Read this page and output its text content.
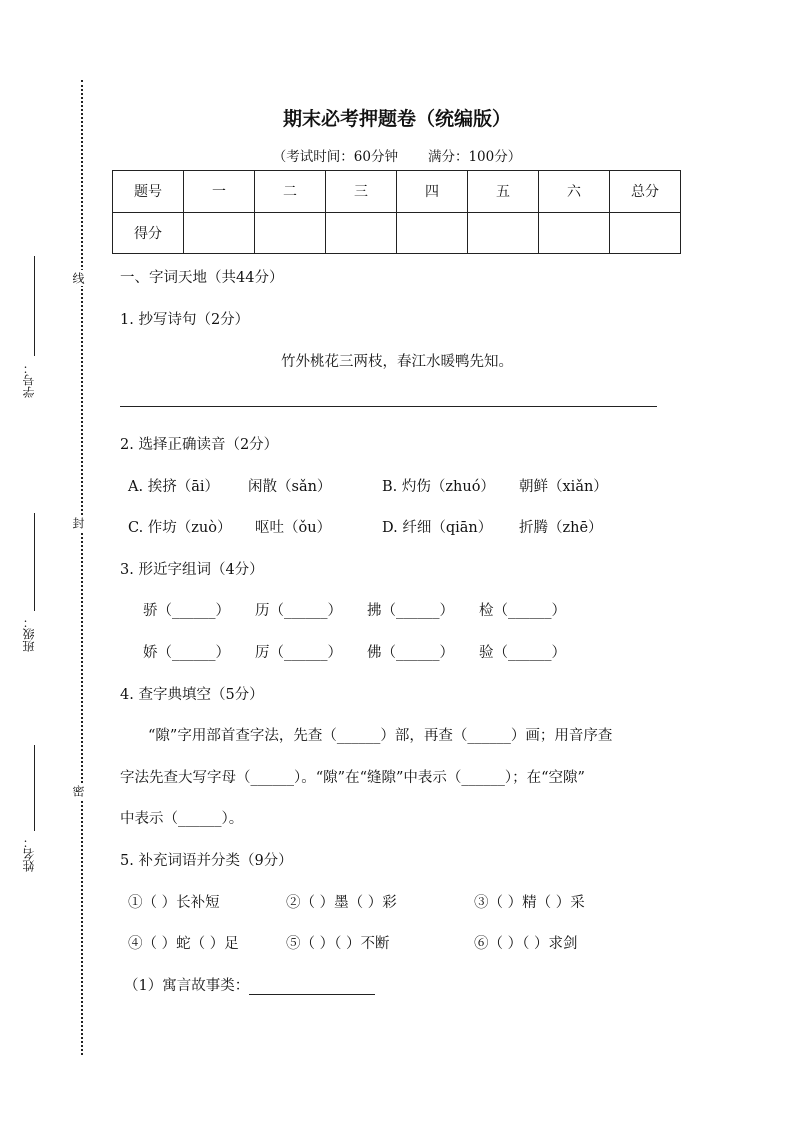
学号：
班级：
姓名：
线
封
密
期末必考押题卷（统编版）
（考试时间：60分钟 满分：100分）
题号	一	二	三	四	五	六	总分
得分							
一、字词天地（共44分）
1. 抄写诗句（2分）
竹外桃花三两枝，春江水暖鸭先知。
2. 选择正确读音（2分）
A. 挨挤（āi） 闲散（sǎn）	B. 灼伤（zhuó） 朝鲜（xiǎn）
C. 作坊（zuò） 呕吐（ǒu）	D. 纤细（qiān） 折腾（zhē）
3. 形近字组词（4分）
骄（______） 历（______） 拂（______） 检（______）
娇（______） 厉（______） 佛（______） 验（______）
4. 查字典填空（5分）
“隙”字用部首查字法，先查（______）部，再查（______）画；用音序查
字法先查大写字母（______）。“隙”在“缝隙”中表示（______）；在“空隙”
中表示（______）。
5. 补充词语并分类（9分）
①（ ）长补短	②（ ）墨（ ）彩	③（ ）精（ ）采
④（ ）蛇（ ）足	⑤（ ）（ ）不断	⑥（ ）（ ）求剑
（1）寓言故事类：
